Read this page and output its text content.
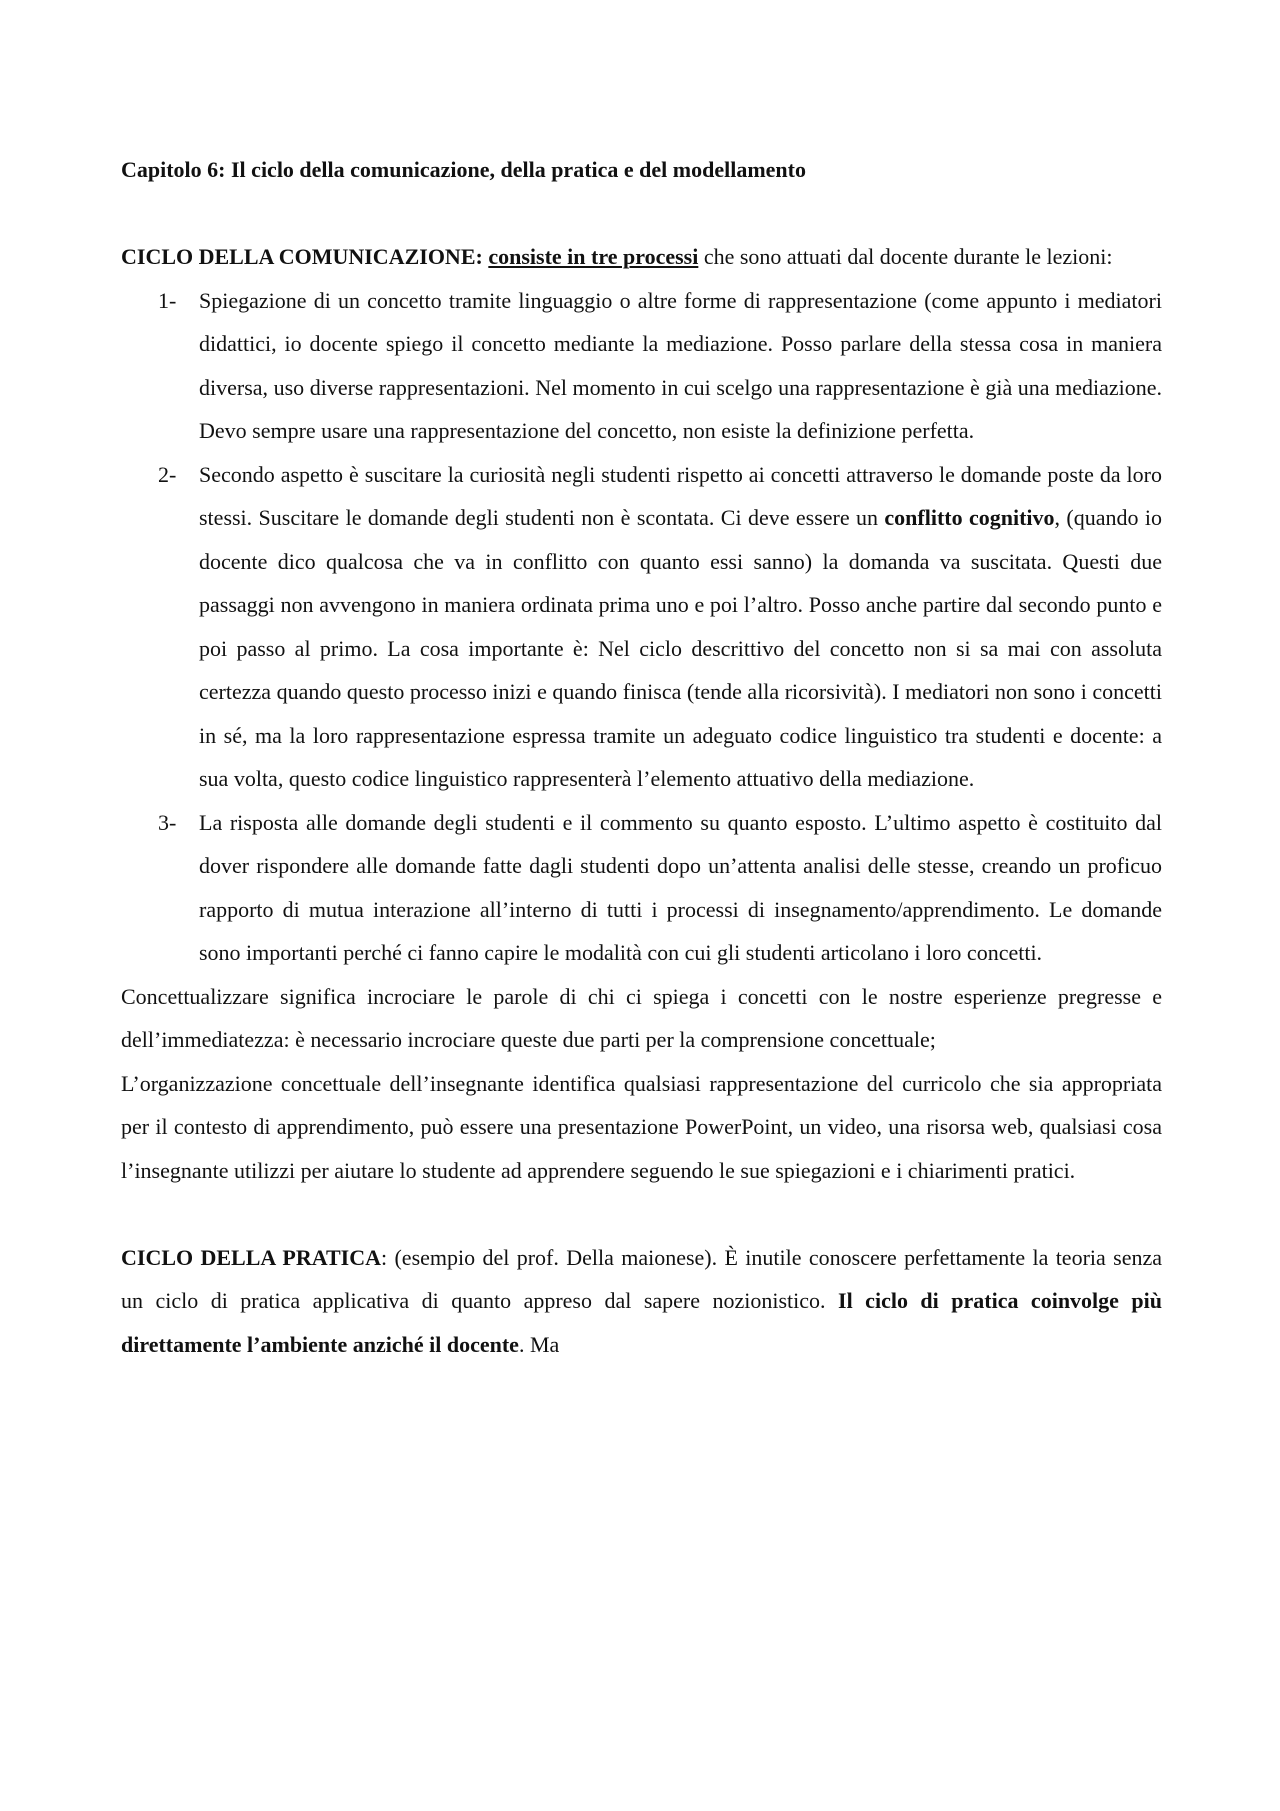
Capitolo 6: Il ciclo della comunicazione, della pratica e del modellamento

CICLO DELLA COMUNICAZIONE: consiste in tre processi che sono attuati dal docente durante le lezioni:

1- Spiegazione di un concetto tramite linguaggio o altre forme di rappresentazione (come appunto i mediatori didattici, io docente spiego il concetto mediante la mediazione. Posso parlare della stessa cosa in maniera diversa, uso diverse rappresentazioni. Nel momento in cui scelgo una rappresentazione è già una mediazione. Devo sempre usare una rappresentazione del concetto, non esiste la definizione perfetta.
2- Secondo aspetto è suscitare la curiosità negli studenti rispetto ai concetti attraverso le domande poste da loro stessi. Suscitare le domande degli studenti non è scontata. Ci deve essere un conflitto cognitivo, (quando io docente dico qualcosa che va in conflitto con quanto essi sanno) la domanda va suscitata. Questi due passaggi non avvengono in maniera ordinata prima uno e poi l’altro. Posso anche partire dal secondo punto e poi passo al primo. La cosa importante è: Nel ciclo descrittivo del concetto non si sa mai con assoluta certezza quando questo processo inizi e quando finisca (tende alla ricorsività). I mediatori non sono i concetti in sé, ma la loro rappresentazione espressa tramite un adeguato codice linguistico tra studenti e docente: a sua volta, questo codice linguistico rappresenterà l’elemento attuativo della mediazione.
3- La risposta alle domande degli studenti e il commento su quanto esposto. L’ultimo aspetto è costituito dal dover rispondere alle domande fatte dagli studenti dopo un’attenta analisi delle stesse, creando un proficuo rapporto di mutua interazione all’interno di tutti i processi di insegnamento/apprendimento. Le domande sono importanti perché ci fanno capire le modalità con cui gli studenti articolano i loro concetti.

Concettualizzare significa incrociare le parole di chi ci spiega i concetti con le nostre esperienze pregresse e dell’immediatezza: è necessario incrociare queste due parti per la comprensione concettuale;

L’organizzazione concettuale dell’insegnante identifica qualsiasi rappresentazione del curricolo che sia appropriata per il contesto di apprendimento, può essere una presentazione PowerPoint, un video, una risorsa web, qualsiasi cosa l’insegnante utilizzi per aiutare lo studente ad apprendere seguendo le sue spiegazioni e i chiarimenti pratici.

CICLO DELLA PRATICA: (esempio del prof. Della maionese). È inutile conoscere perfettamente la teoria senza un ciclo di pratica applicativa di quanto appreso dal sapere nozionistico. Il ciclo di pratica coinvolge più direttamente l’ambiente anziché il docente. Ma
